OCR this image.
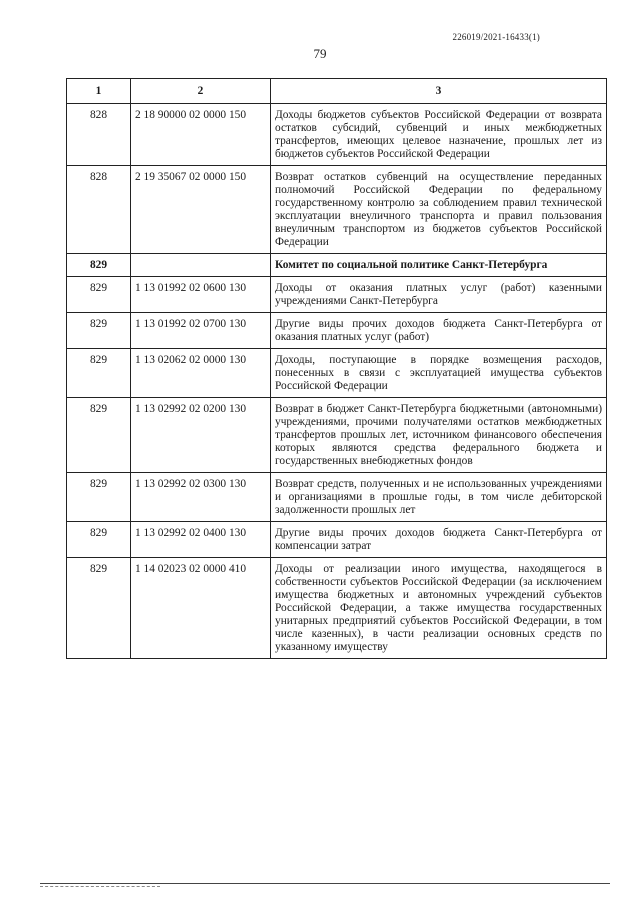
226019/2021-16433(1)
79
1	2	3
828	2 18 90000 02 0000 150	Доходы бюджетов субъектов Российской Федерации от возврата остатков субсидий, субвенций и иных межбюджетных трансфертов, имеющих целевое назначение, прошлых лет из бюджетов субъектов Российской Федерации
828	2 19 35067 02 0000 150	Возврат остатков субвенций на осуществление переданных полномочий Российской Федерации по федеральному государственному контролю за соблюдением правил технической эксплуатации внеуличного транспорта и правил пользования внеуличным транспортом из бюджетов субъектов Российской Федерации
829		Комитет по социальной политике Санкт-Петербурга
829	1 13 01992 02 0600 130	Доходы от оказания платных услуг (работ) казенными учреждениями Санкт-Петербурга
829	1 13 01992 02 0700 130	Другие виды прочих доходов бюджета Санкт-Петербурга от оказания платных услуг (работ)
829	1 13 02062 02 0000 130	Доходы, поступающие в порядке возмещения расходов, понесенных в связи с эксплуатацией имущества субъектов Российской Федерации
829	1 13 02992 02 0200 130	Возврат в бюджет Санкт-Петербурга бюджетными (автономными) учреждениями, прочими получателями остатков межбюджетных трансфертов прошлых лет, источником финансового обеспечения которых являются средства федерального бюджета и государственных внебюджетных фондов
829	1 13 02992 02 0300 130	Возврат средств, полученных и не использованных учреждениями и организациями в прошлые годы, в том числе дебиторской задолженности прошлых лет
829	1 13 02992 02 0400 130	Другие виды прочих доходов бюджета Санкт-Петербурга от компенсации затрат
829	1 14 02023 02 0000 410	Доходы от реализации иного имущества, находящегося в собственности субъектов Российской Федерации (за исключением имущества бюджетных и автономных учреждений субъектов Российской Федерации, а также имущества государственных унитарных предприятий субъектов Российской Федерации, в том числе казенных), в части реализации основных средств по указанному имуществу
